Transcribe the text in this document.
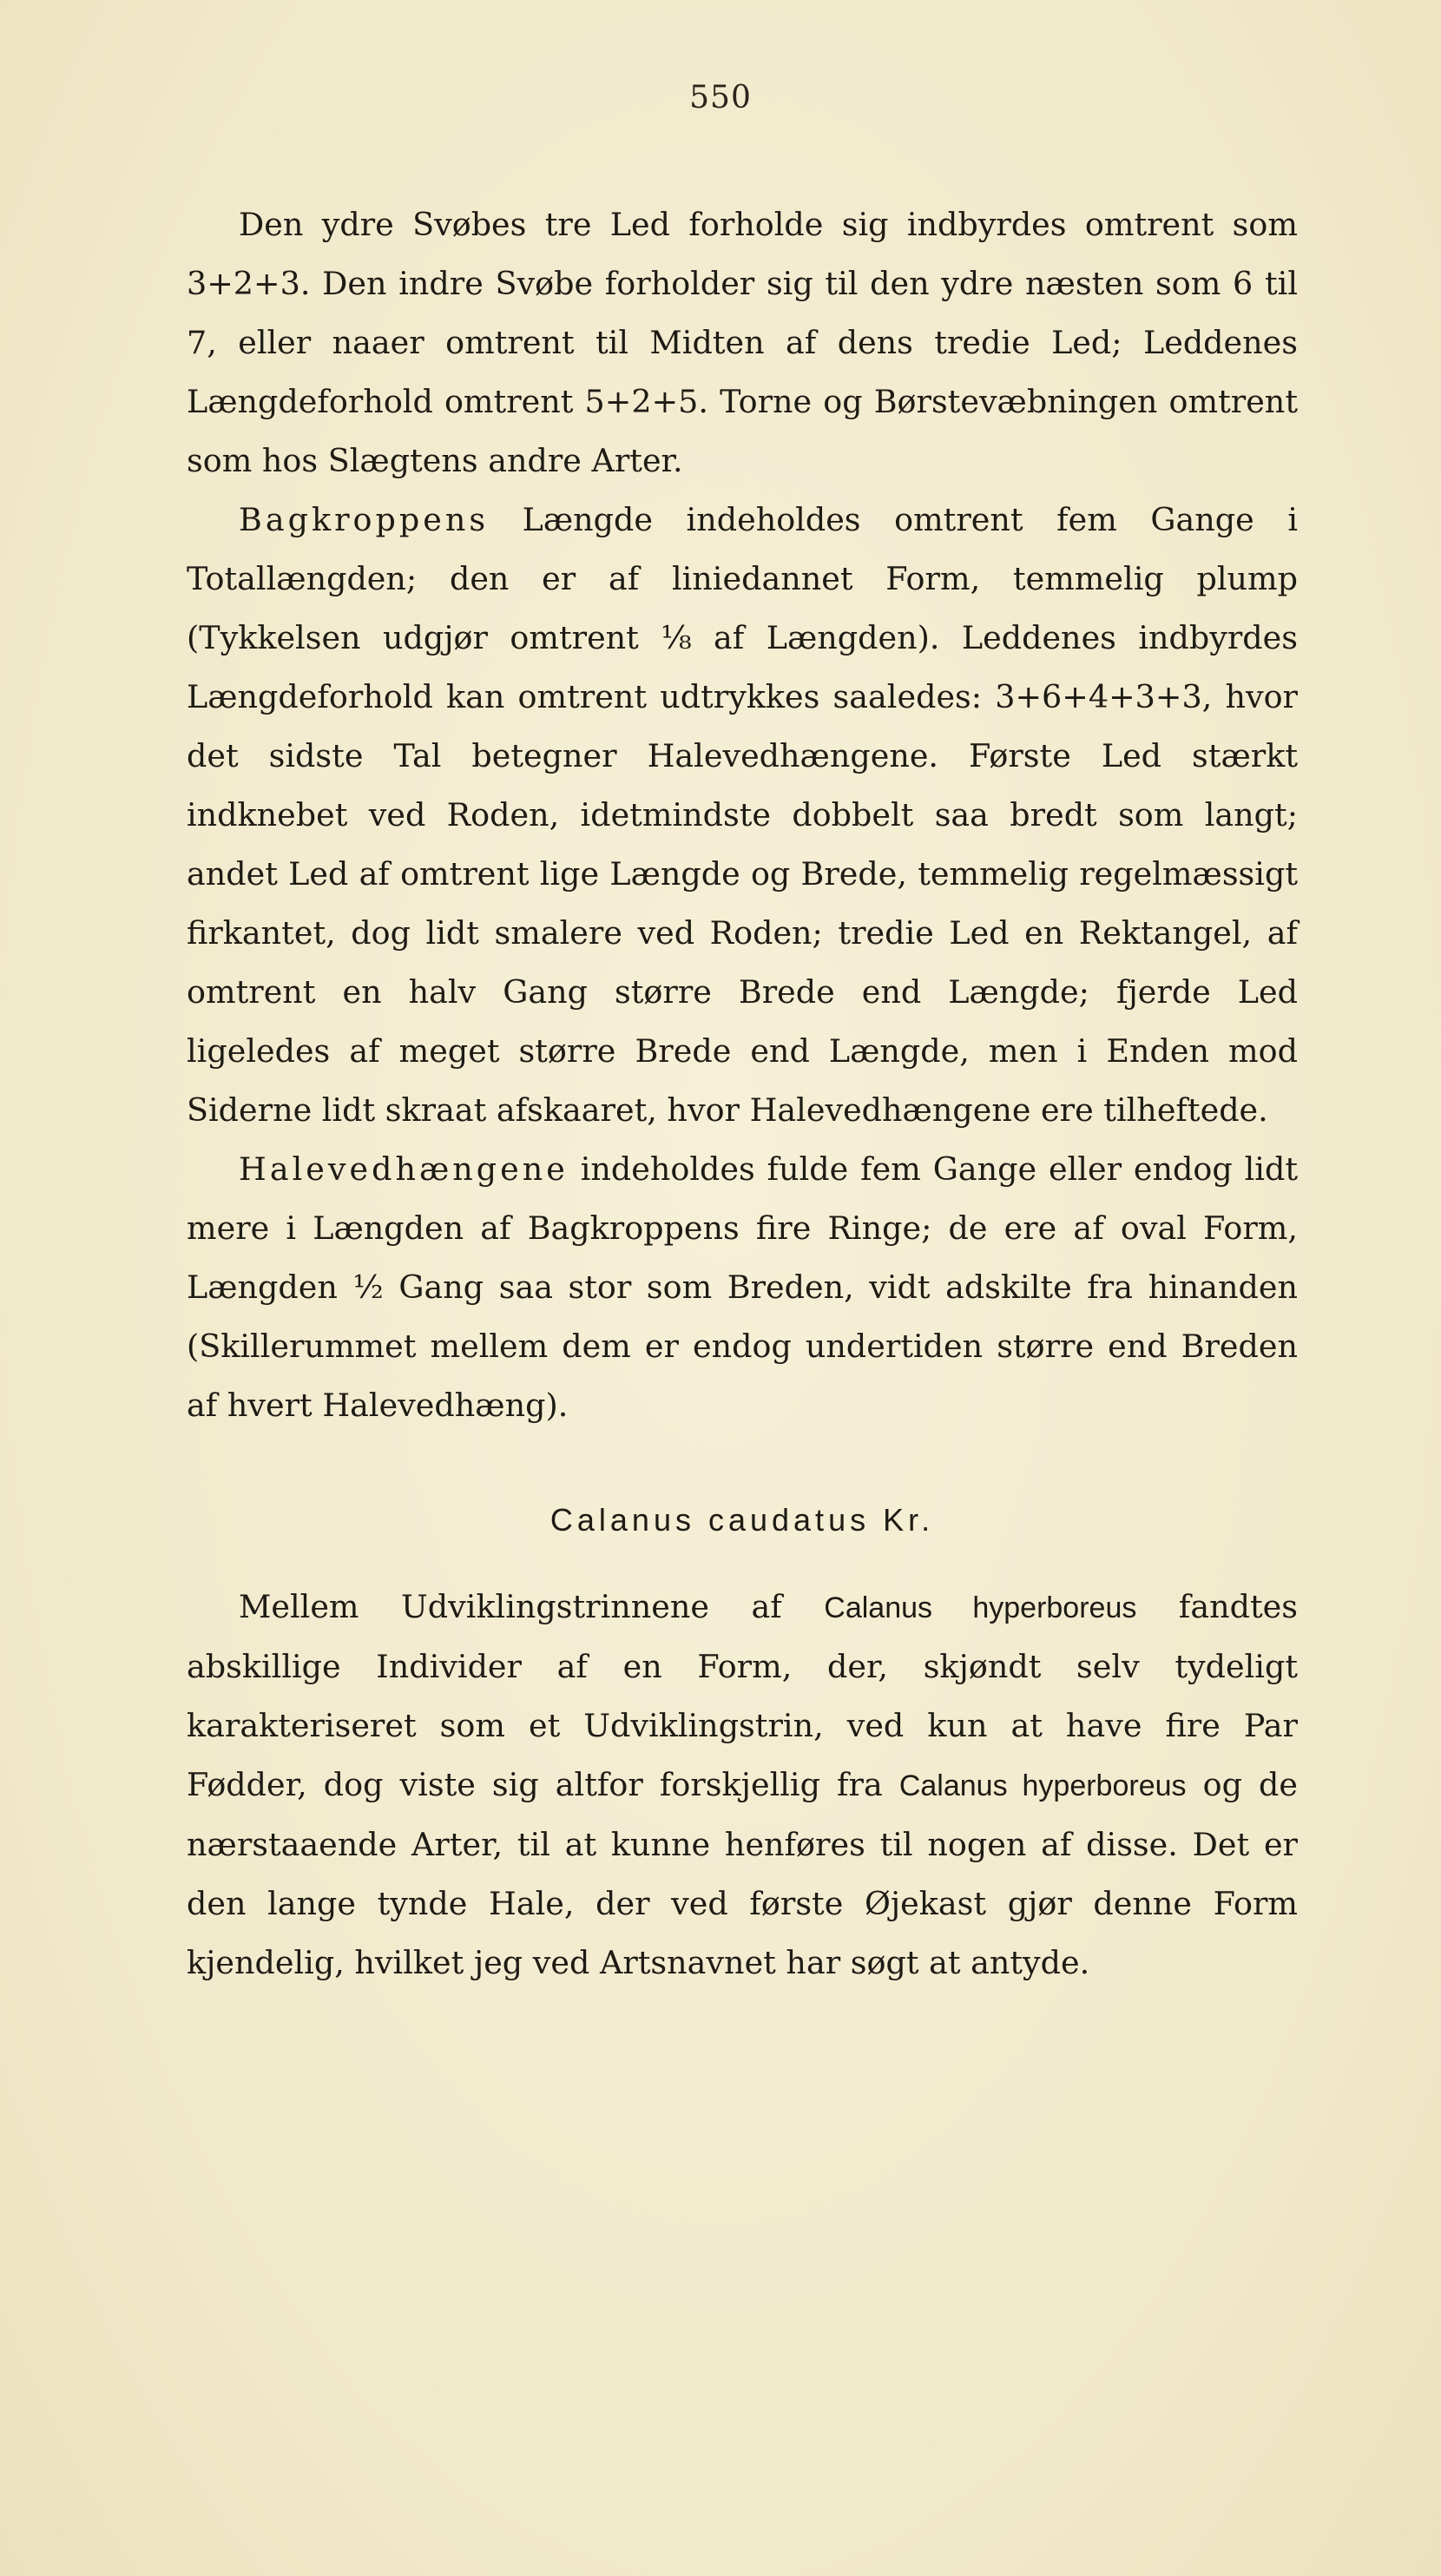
550

Den ydre Svøbes tre Led forholde sig indbyrdes omtrent som 3+2+3. Den indre Svøbe forholder sig til den ydre næsten som 6 til 7, eller naaer omtrent til Midten af dens tredie Led; Leddenes Længdeforhold omtrent 5+2+5. Torne og Børstevæbningen omtrent som hos Slægtens andre Arter.

Bagkroppens Længde indeholdes omtrent fem Gange i Totallængden; den er af liniedannet Form, temmelig plump (Tykkelsen udgjør omtrent ⅟₈ af Længden). Leddenes indbyrdes Længdeforhold kan omtrent udtrykkes saaledes: 3+6+4+3+3, hvor det sidste Tal betegner Halevedhængene. Første Led stærkt indknebet ved Roden, idetmindste dobbelt saa bredt som langt; andet Led af omtrent lige Længde og Brede, temmelig regelmæssigt firkantet, dog lidt smalere ved Roden; tredie Led en Rektangel, af omtrent en halv Gang større Brede end Længde; fjerde Led ligeledes af meget større Brede end Længde, men i Enden mod Siderne lidt skraat afskaaret, hvor Halevedhængene ere tilheftede.

Halevedhængene indeholdes fulde fem Gange eller endog lidt mere i Længden af Bagkroppens fire Ringe; de ere af oval Form, Længden ⅟₂ Gang saa stor som Breden, vidt adskilte fra hinanden (Skillerummet mellem dem er endog undertiden større end Breden af hvert Halevedhæng).

Calanus caudatus Kr.

Mellem Udviklingstrinnene af Calanus hyperboreus fandtes abskillige Individer af en Form, der, skjøndt selv tydeligt karakteriseret som et Udviklingstrin, ved kun at have fire Par Fødder, dog viste sig altfor forskjellig fra Calanus hyperboreus og de nærstaaende Arter, til at kunne henføres til nogen af disse. Det er den lange tynde Hale, der ved første Øjekast gjør denne Form kjendelig, hvilket jeg ved Artsnavnet har søgt at antyde.
